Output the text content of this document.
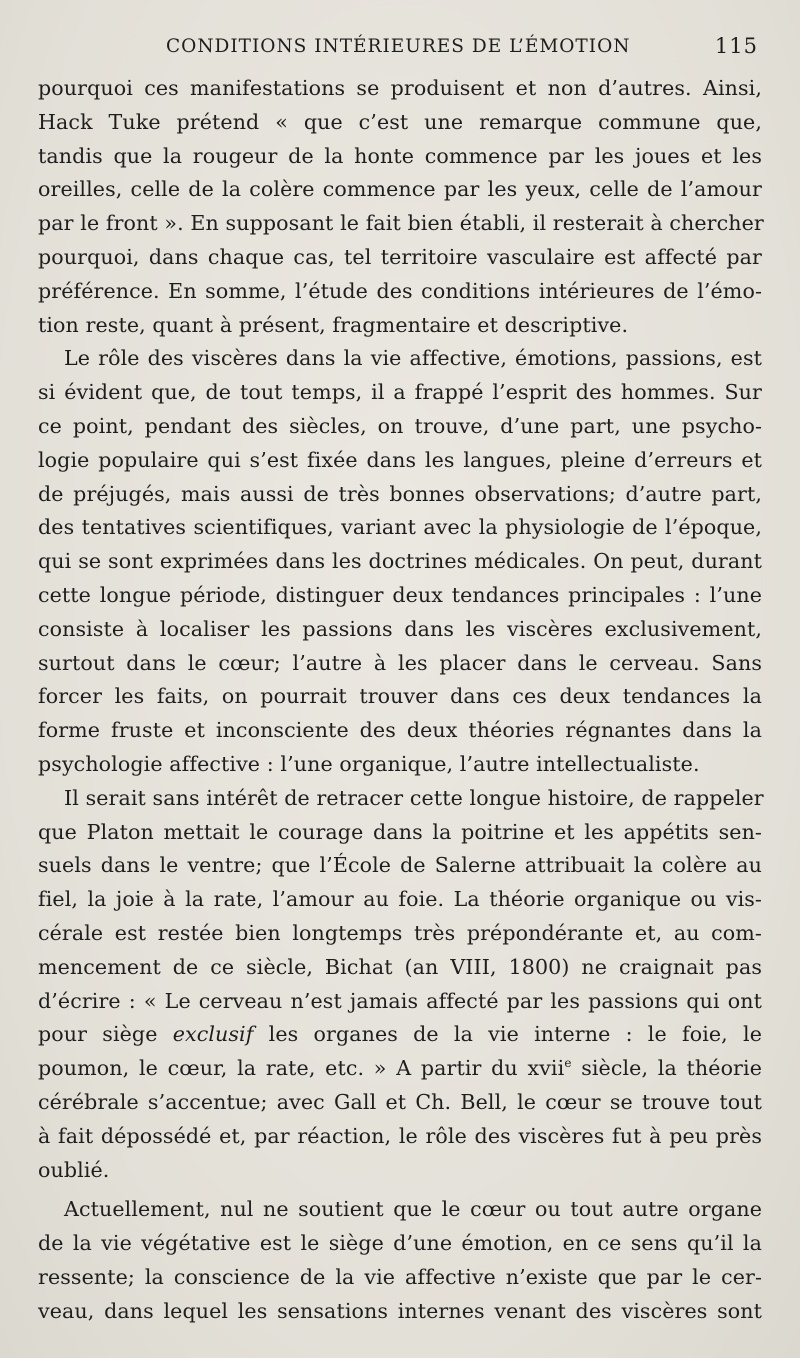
CONDITIONS INTÉRIEURES DE L’ÉMOTION	115
pourquoi ces manifestations se produisent et non d’autres. Ainsi,
Hack Tuke prétend « que c’est une remarque commune que,
tandis que la rougeur de la honte commence par les joues et les
oreilles, celle de la colère commence par les yeux, celle de l’amour
par le front ». En supposant le fait bien établi, il resterait à chercher
pourquoi, dans chaque cas, tel territoire vasculaire est affecté par
préférence. En somme, l’étude des conditions intérieures de l’émo-
tion reste, quant à présent, fragmentaire et descriptive.
Le rôle des viscères dans la vie affective, émotions, passions, est
si évident que, de tout temps, il a frappé l’esprit des hommes. Sur
ce point, pendant des siècles, on trouve, d’une part, une psycho-
logie populaire qui s’est fixée dans les langues, pleine d’erreurs et
de préjugés, mais aussi de très bonnes observations; d’autre part,
des tentatives scientifiques, variant avec la physiologie de l’époque,
qui se sont exprimées dans les doctrines médicales. On peut, durant
cette longue période, distinguer deux tendances principales : l’une
consiste à localiser les passions dans les viscères exclusivement,
surtout dans le cœur; l’autre à les placer dans le cerveau. Sans
forcer les faits, on pourrait trouver dans ces deux tendances la
forme fruste et inconsciente des deux théories régnantes dans la
psychologie affective : l’une organique, l’autre intellectualiste.
Il serait sans intérêt de retracer cette longue histoire, de rappeler
que Platon mettait le courage dans la poitrine et les appétits sen-
suels dans le ventre; que l’École de Salerne attribuait la colère au
fiel, la joie à la rate, l’amour au foie. La théorie organique ou vis-
cérale est restée bien longtemps très prépondérante et, au com-
mencement de ce siècle, Bichat (an VIII, 1800) ne craignait pas
d’écrire : « Le cerveau n’est jamais affecté par les passions qui ont
pour siège exclusif les organes de la vie interne : le foie, le
poumon, le cœur, la rate, etc. » A partir du xvii$^e$ siècle, la théorie
cérébrale s’accentue; avec Gall et Ch. Bell, le cœur se trouve tout
à fait dépossédé et, par réaction, le rôle des viscères fut à peu près
oublié.
Actuellement, nul ne soutient que le cœur ou tout autre organe
de la vie végétative est le siège d’une émotion, en ce sens qu’il la
ressente; la conscience de la vie affective n’existe que par le cer-
veau, dans lequel les sensations internes venant des viscères sont
